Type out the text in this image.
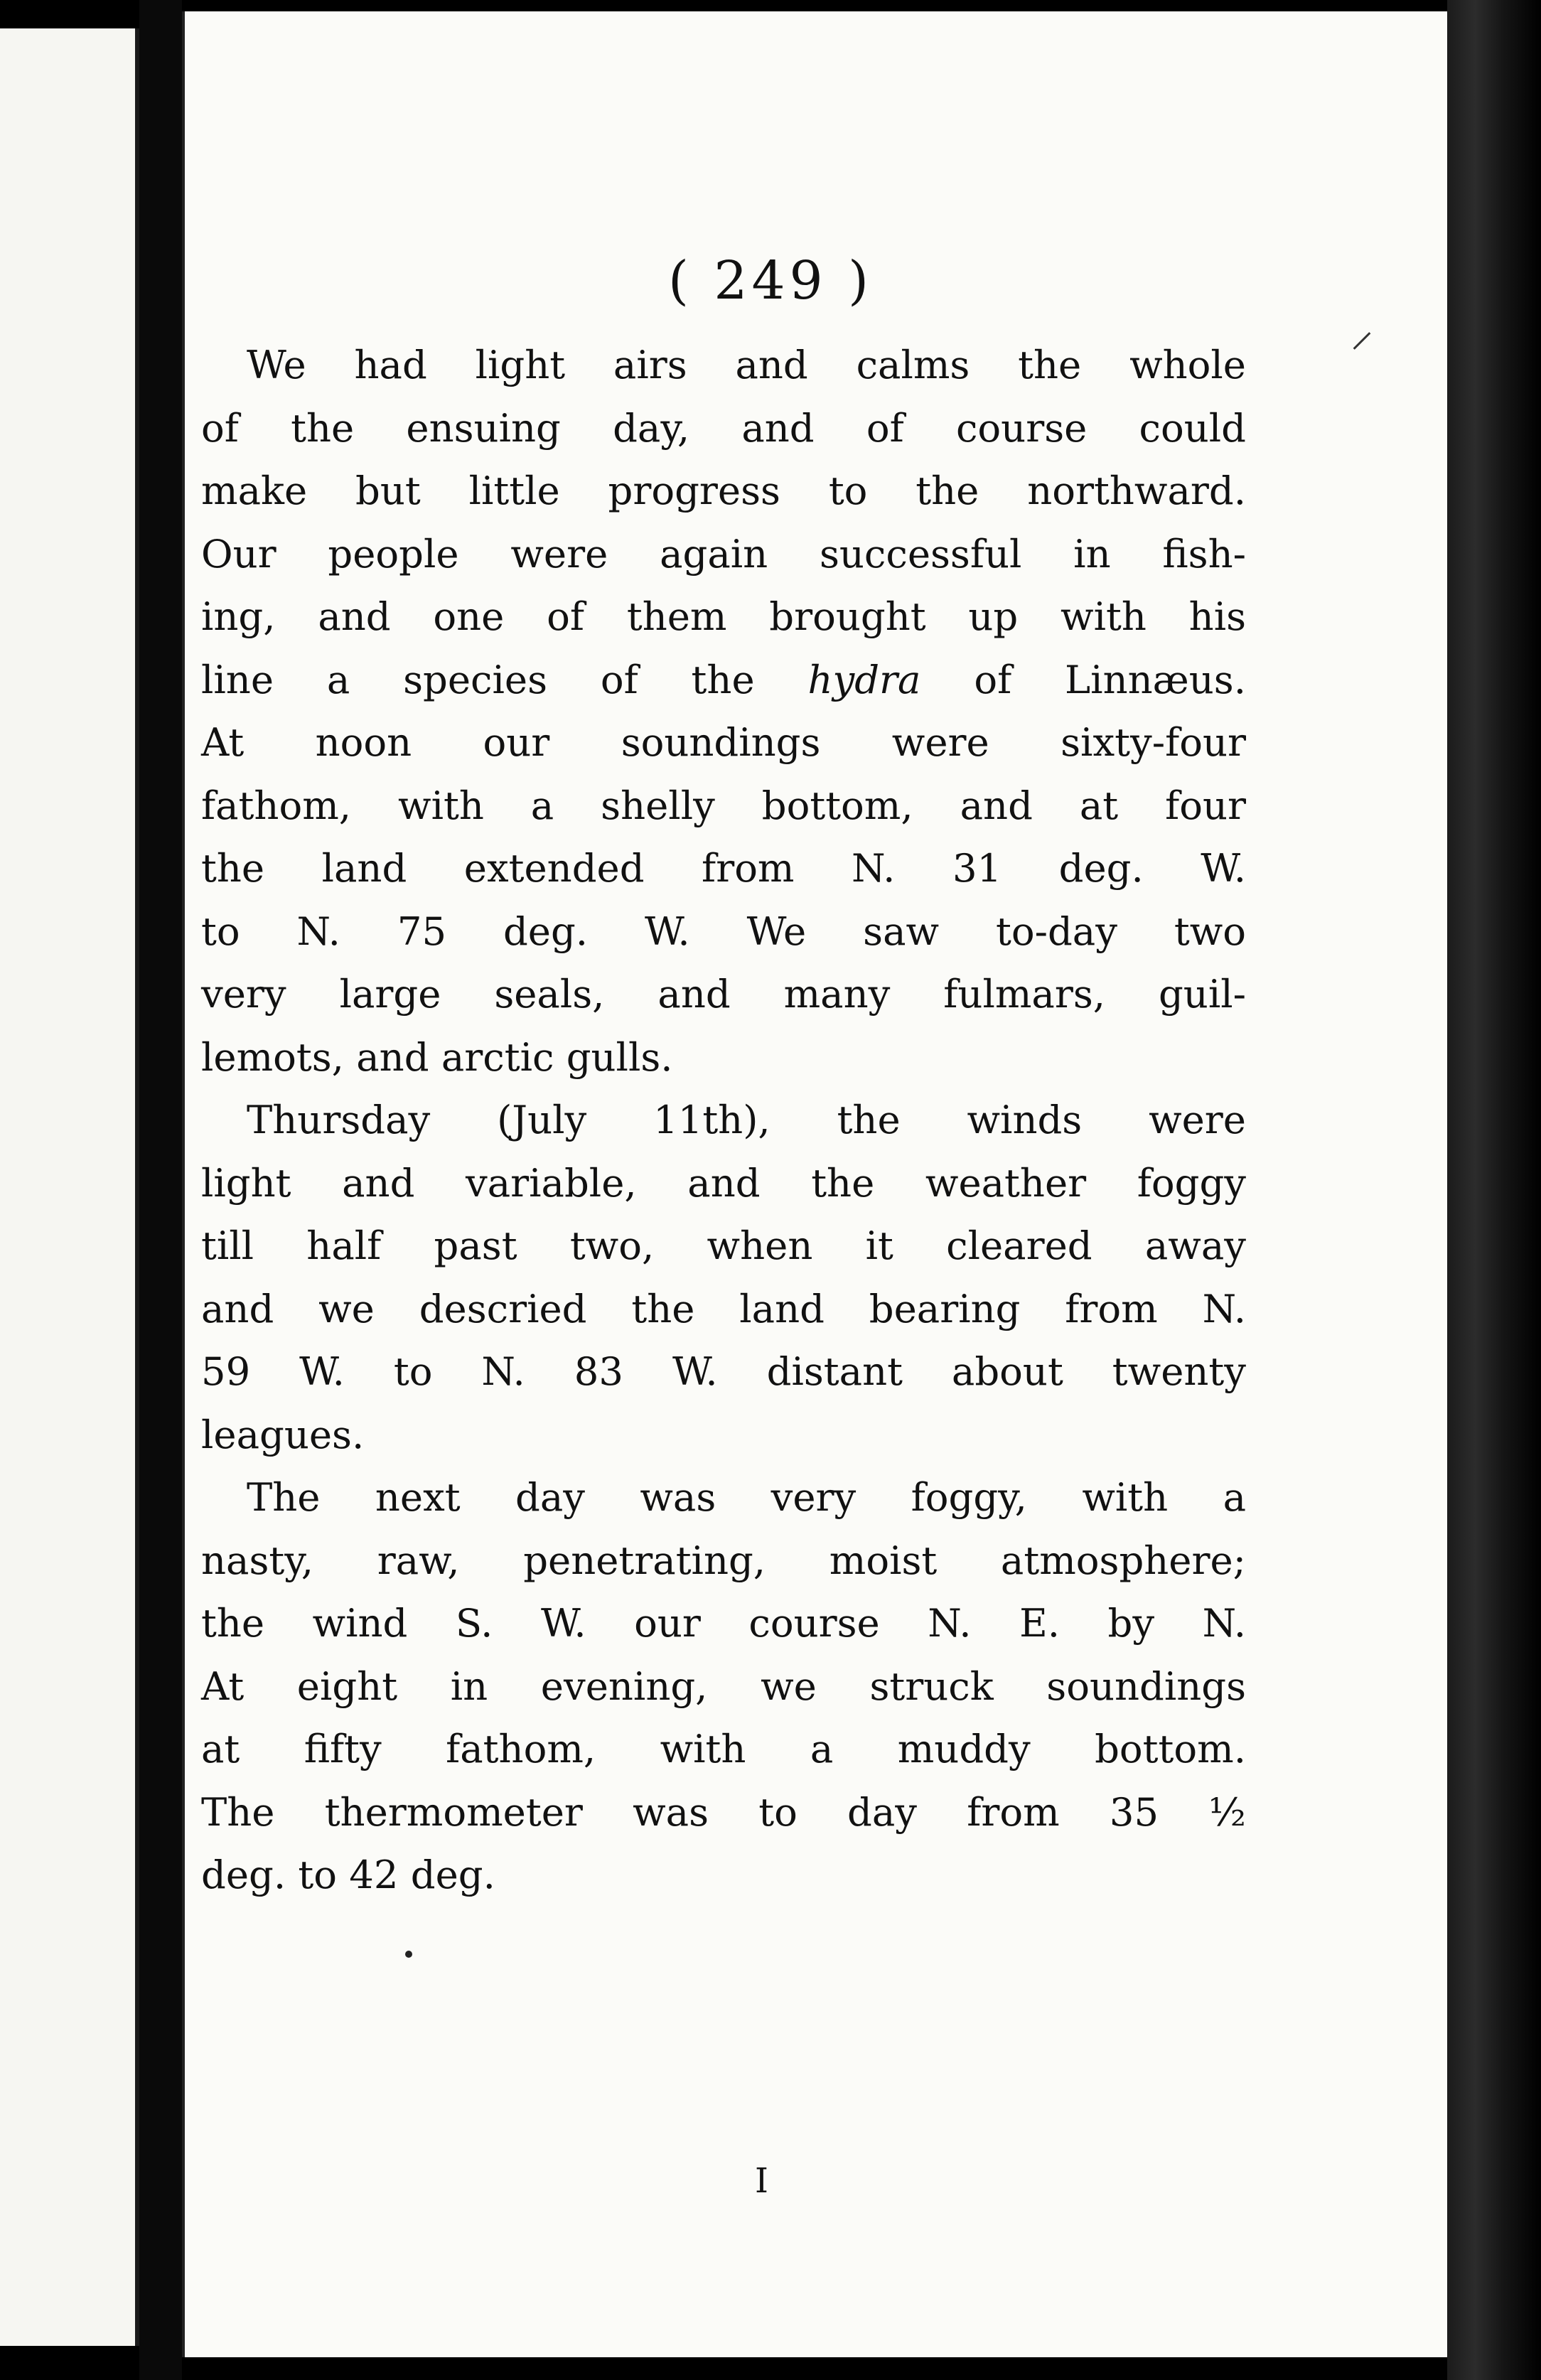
( 249 )
We had light airs and calms the whole
of the ensuing day, and of course could
make but little progress to the northward.
Our people were again successful in fish-
ing, and one of them brought up with his
line a species of the hydra of Linnæus.
At noon our soundings were sixty-four
fathom, with a shelly bottom, and at four
the land extended from N. 31 deg. W.
to N. 75 deg. W. We saw to-day two
very large seals, and many fulmars, guil-
lemots, and arctic gulls.
Thursday (July 11th), the winds were
light and variable, and the weather foggy
till half past two, when it cleared away
and we descried the land bearing from N.
59 W. to N. 83 W. distant about twenty
leagues.
The next day was very foggy, with a
nasty, raw, penetrating, moist atmosphere;
the wind S. W. our course N. E. by N.
At eight in evening, we struck soundings
at fifty fathom, with a muddy bottom.
The thermometer was to day from 35 ½
deg. to 42 deg.
I
